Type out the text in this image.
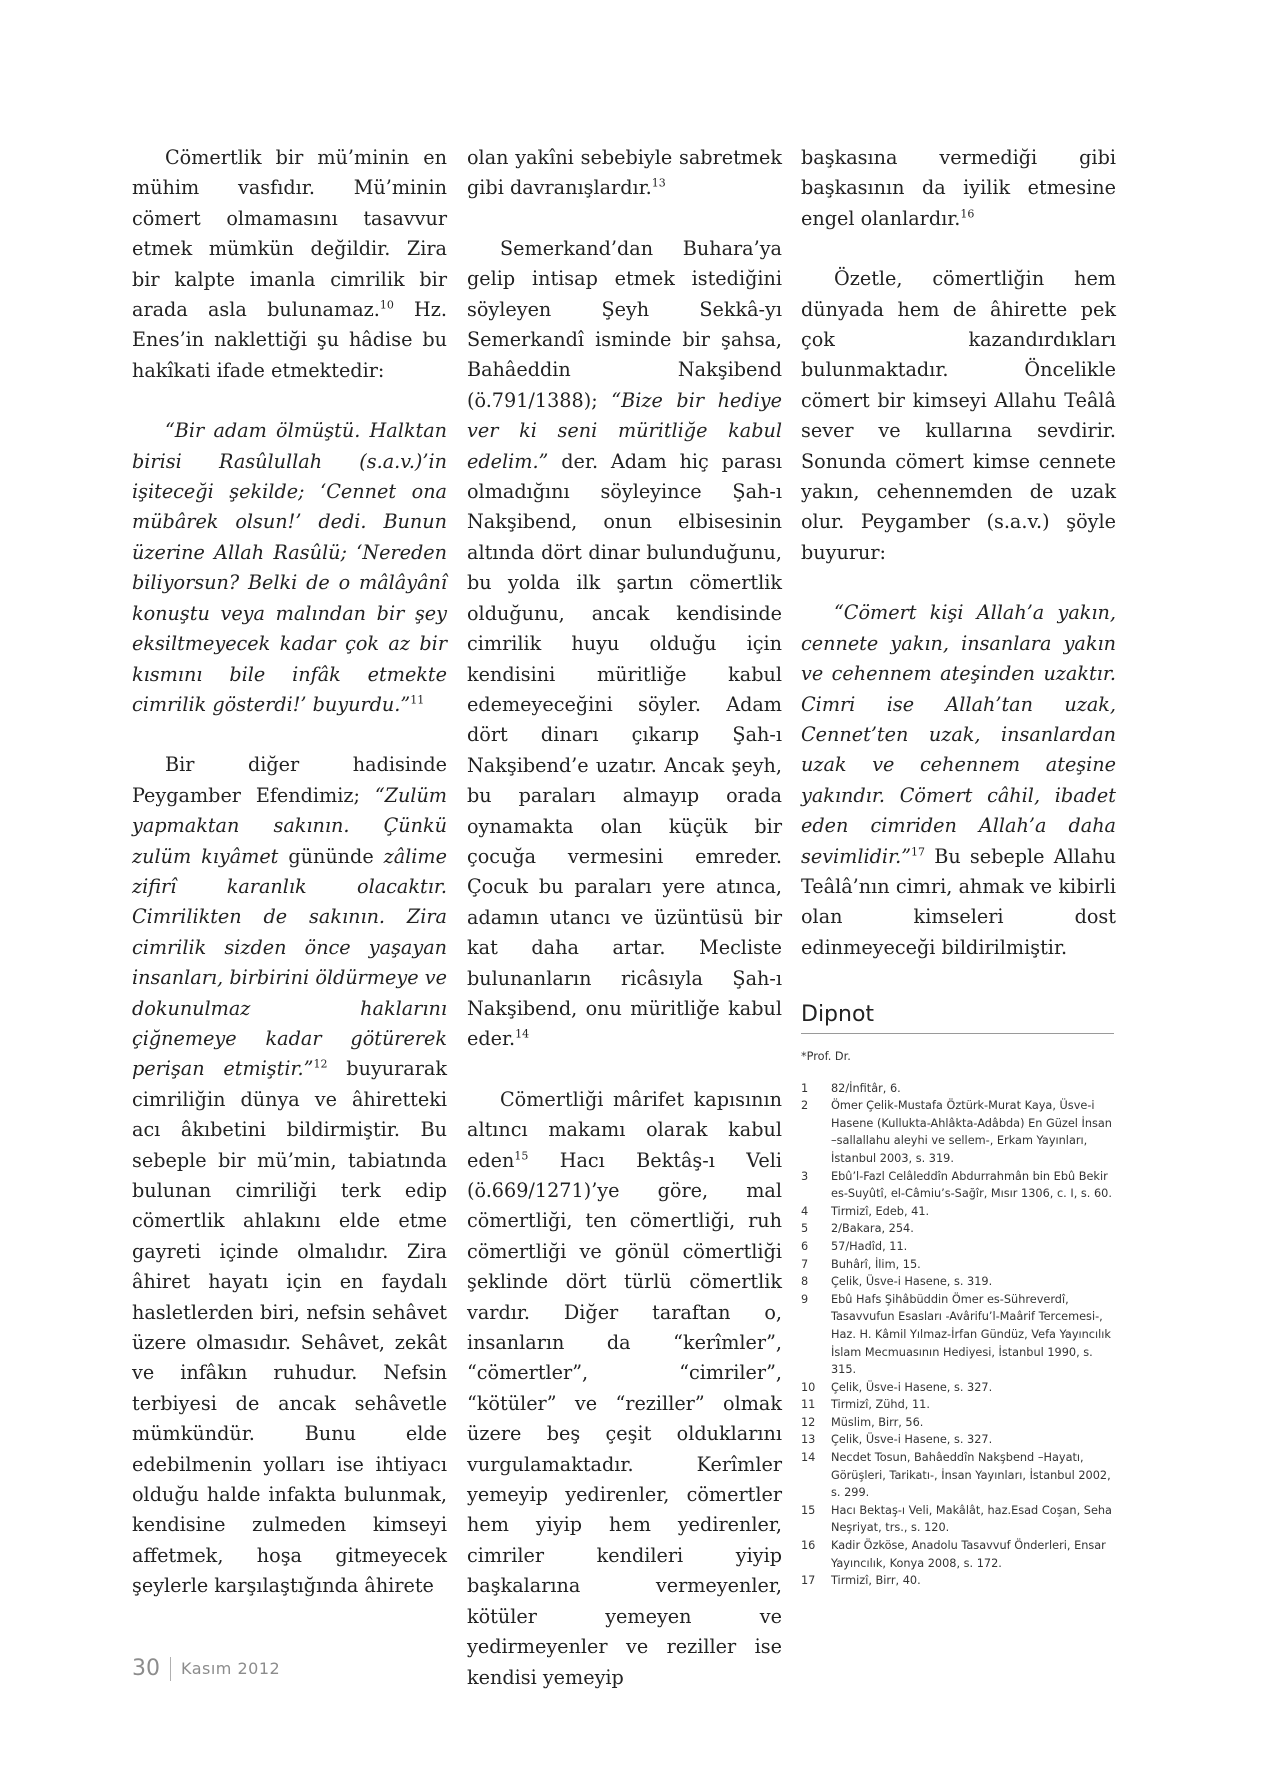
Cömertlik bir mü’minin en mühim vasfıdır. Mü’minin cömert olmamasını tasavvur etmek mümkün değildir. Zira bir kalpte imanla cimrilik bir arada asla bulunamaz.$^{10}$ Hz. Enes’in naklettiği şu hâdise bu hakîkati ifade etmektedir:

“Bir adam ölmüştü. Halktan birisi Rasûlullah (s.a.v.)’in işiteceği şekilde; ‘Cennet ona mübârek olsun!’ dedi. Bunun üzerine Allah Rasûlü; ‘Nereden biliyorsun? Belki de o mâlâyânî konuştu veya malından bir şey eksiltmeyecek kadar çok az bir kısmını bile infâk etmekte cimrilik gösterdi!’ buyurdu.”$^{11}$

Bir diğer hadisinde Peygamber Efendimiz; “Zulüm yapmaktan sakının. Çünkü zulüm kıyâmet gününde zâlime zifirî karanlık olacaktır. Cimrilikten de sakının. Zira cimrilik sizden önce yaşayan insanları, birbirini öldürmeye ve dokunulmaz haklarını çiğnemeye kadar götürerek perişan etmiştir.”$^{12}$ buyurarak cimriliğin dünya ve âhiretteki acı âkıbetini bildirmiştir. Bu sebeple bir mü’min, tabiatında bulunan cimriliği terk edip cömertlik ahlakını elde etme gayreti içinde olmalıdır. Zira âhiret hayatı için en faydalı hasletlerden biri, nefsin sehâvet üzere olmasıdır. Sehâvet, zekât ve infâkın ruhudur. Nefsin terbiyesi de ancak sehâvetle mümkündür. Bunu elde edebilmenin yolları ise ihtiyacı olduğu halde infakta bulunmak, kendisine zulmeden kimseyi affetmek, hoşa gitmeyecek şeylerle karşılaştığında âhirete

olan yakîni sebebiyle sabretmek gibi davranışlardır.$^{13}$

Semerkand’dan Buhara’ya gelip intisap etmek istediğini söyleyen Şeyh Sekkâ-yı Semerkandî isminde bir şahsa, Bahâeddin Nakşibend (ö.791/1388); “Bize bir hediye ver ki seni müritliğe kabul edelim.” der. Adam hiç parası olmadığını söyleyince Şah-ı Nakşibend, onun elbisesinin altında dört dinar bulunduğunu, bu yolda ilk şartın cömertlik olduğunu, ancak kendisinde cimrilik huyu olduğu için kendisini müritliğe kabul edemeyeceğini söyler. Adam dört dinarı çıkarıp Şah-ı Nakşibend’e uzatır. Ancak şeyh, bu paraları almayıp orada oynamakta olan küçük bir çocuğa vermesini emreder. Çocuk bu paraları yere atınca, adamın utancı ve üzüntüsü bir kat daha artar. Mecliste bulunanların ricâsıyla Şah-ı Nakşibend, onu müritliğe kabul eder.$^{14}$

Cömertliği mârifet kapısının altıncı makamı olarak kabul eden$^{15}$ Hacı Bektâş-ı Veli (ö.669/1271)’ye göre, mal cömertliği, ten cömertliği, ruh cömertliği ve gönül cömertliği şeklinde dört türlü cömertlik vardır. Diğer taraftan o, insanların da “kerîmler”, “cömertler”, “cimriler”, “kötüler” ve “reziller” olmak üzere beş çeşit olduklarını vurgulamaktadır. Kerîmler yemeyip yedirenler, cömertler hem yiyip hem yedirenler, cimriler kendileri yiyip başkalarına vermeyenler, kötüler yemeyen ve yedirmeyenler ve reziller ise kendisi yemeyip

başkasına vermediği gibi başkasının da iyilik etmesine engel olanlardır.$^{16}$

Özetle, cömertliğin hem dünyada hem de âhirette pek çok kazandırdıkları bulunmaktadır. Öncelikle cömert bir kimseyi Allahu Teâlâ sever ve kullarına sevdirir. Sonunda cömert kimse cennete yakın, cehennemden de uzak olur. Peygamber (s.a.v.) şöyle buyurur:

“Cömert kişi Allah’a yakın, cennete yakın, insanlara yakın ve cehennem ateşinden uzaktır. Cimri ise Allah’tan uzak, Cennet’ten uzak, insanlardan uzak ve cehennem ateşine yakındır. Cömert câhil, ibadet eden cimriden Allah’a daha sevimlidir.”$^{17}$ Bu sebeple Allahu Teâlâ’nın cimri, ahmak ve kibirli olan kimseleri dost edinmeyeceği bildirilmiştir.

Dipnot
*Prof. Dr.
1	82/İnfitâr, 6.
2	Ömer Çelik-Mustafa Öztürk-Murat Kaya, Üsve-i Hasene (Kullukta-Ahlâkta-Adâbda) En Güzel İnsan –sallallahu aleyhi ve sellem-, Erkam Yayınları, İstanbul 2003, s. 319.
3	Ebû’l-Fazl Celâleddîn Abdurrahmân bin Ebû Bekir es-Suyûtî, el-Câmiu’s-Sağîr, Mısır 1306, c. I, s. 60.
4	Tirmizî, Edeb, 41.
5	2/Bakara, 254.
6	57/Hadîd, 11.
7	Buhârî, İlim, 15.
8	Çelik, Üsve-i Hasene, s. 319.
9	Ebû Hafs Şihâbüddin Ömer es-Sühreverdî, Tasavvufun Esasları -Avârifu’l-Maârif Tercemesi-, Haz. H. Kâmil Yılmaz-İrfan Gündüz, Vefa Yayıncılık İslam Mecmuasının Hediyesi, İstanbul 1990, s. 315.
10	Çelik, Üsve-i Hasene, s. 327.
11	Tirmizî, Zühd, 11.
12	Müslim, Birr, 56.
13	Çelik, Üsve-i Hasene, s. 327.
14	Necdet Tosun, Bahâeddîn Nakşbend –Hayatı, Görüşleri, Tarikatı-, İnsan Yayınları, İstanbul 2002, s. 299.
15	Hacı Bektaş-ı Veli, Makâlât, haz.Esad Coşan, Seha Neşriyat, trs., s. 120.
16	Kadir Özköse, Anadolu Tasavvuf Önderleri, Ensar Yayıncılık, Konya 2008, s. 172.
17	Tirmizî, Birr, 40.
30 Kasım 2012
